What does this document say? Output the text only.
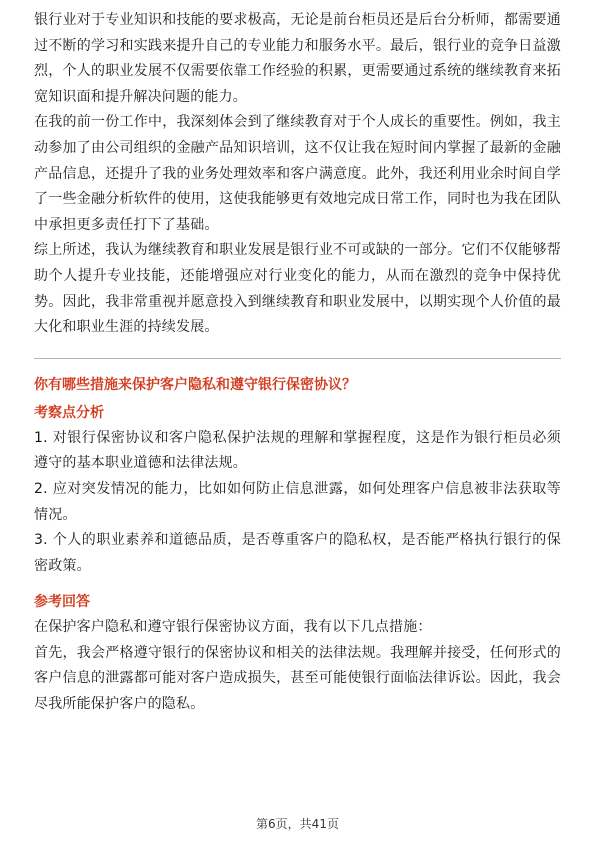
银行业对于专业知识和技能的要求极高，无论是前台柜员还是后台分析师，都需要通过不断的学习和实践来提升自己的专业能力和服务水平。最后，银行业的竞争日益激烈，个人的职业发展不仅需要依靠工作经验的积累，更需要通过系统的继续教育来拓宽知识面和提升解决问题的能力。

在我的前一份工作中，我深刻体会到了继续教育对于个人成长的重要性。例如，我主动参加了由公司组织的金融产品知识培训，这不仅让我在短时间内掌握了最新的金融产品信息，还提升了我的业务处理效率和客户满意度。此外，我还利用业余时间自学了一些金融分析软件的使用，这使我能够更有效地完成日常工作，同时也为我在团队中承担更多责任打下了基础。

综上所述，我认为继续教育和职业发展是银行业不可或缺的一部分。它们不仅能够帮助个人提升专业技能，还能增强应对行业变化的能力，从而在激烈的竞争中保持优势。因此，我非常重视并愿意投入到继续教育和职业发展中，以期实现个人价值的最大化和职业生涯的持续发展。

你有哪些措施来保护客户隐私和遵守银行保密协议？

考察点分析

1. 对银行保密协议和客户隐私保护法规的理解和掌握程度，这是作为银行柜员必须遵守的基本职业道德和法律法规。

2. 应对突发情况的能力，比如如何防止信息泄露，如何处理客户信息被非法获取等情况。

3. 个人的职业素养和道德品质，是否尊重客户的隐私权，是否能严格执行银行的保密政策。

参考回答

在保护客户隐私和遵守银行保密协议方面，我有以下几点措施：

首先，我会严格遵守银行的保密协议和相关的法律法规。我理解并接受，任何形式的客户信息的泄露都可能对客户造成损失，甚至可能使银行面临法律诉讼。因此，我会尽我所能保护客户的隐私。

第6页，共41页
